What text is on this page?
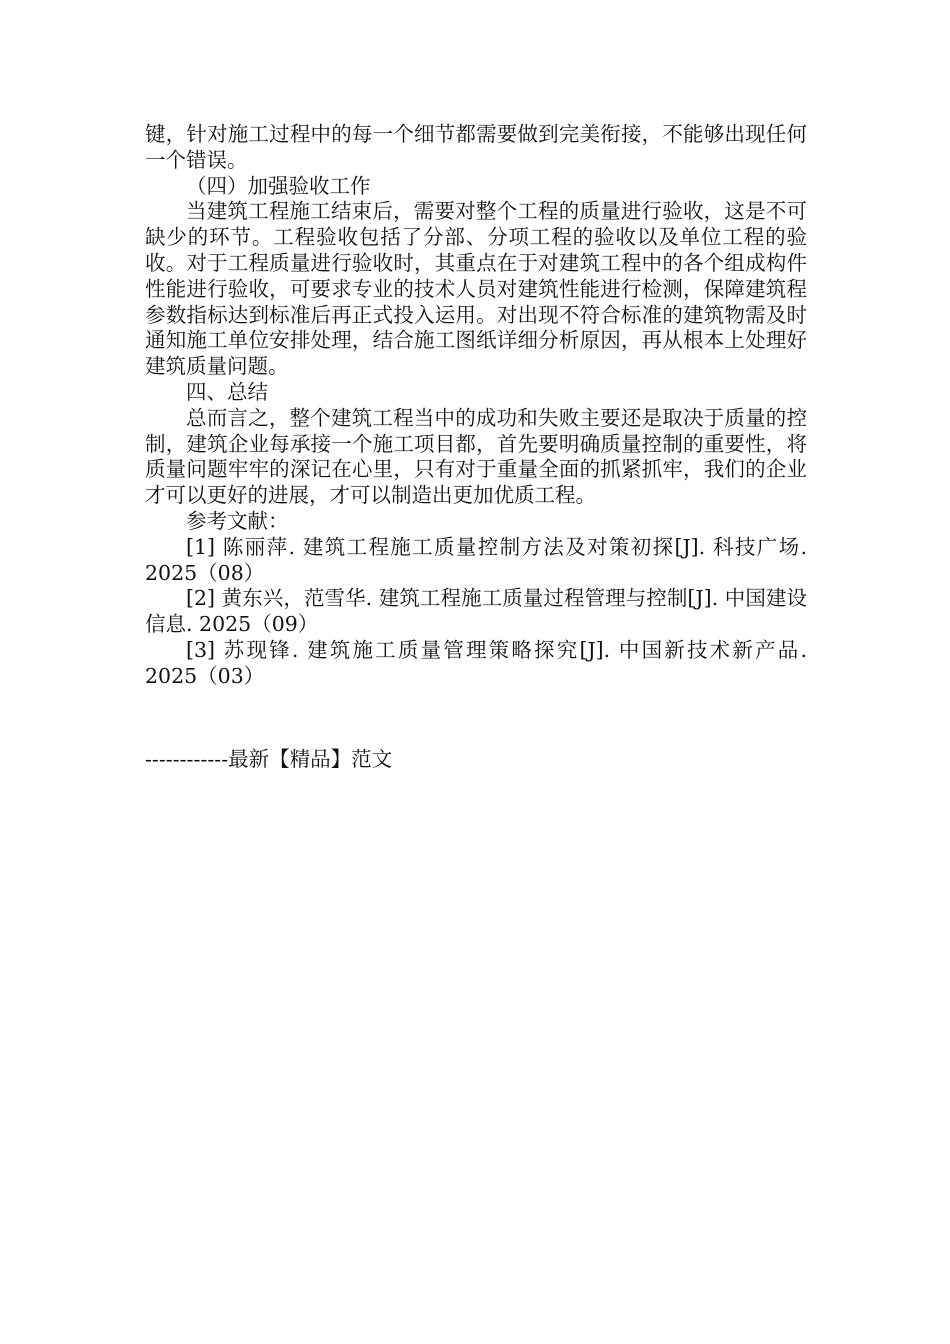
键，针对施工过程中的每一个细节都需要做到完美衔接，不能够出现任何一个错误。

（四）加强验收工作

当建筑工程施工结束后，需要对整个工程的质量进行验收，这是不可缺少的环节。工程验收包括了分部、分项工程的验收以及单位工程的验收。对于工程质量进行验收时，其重点在于对建筑工程中的各个组成构件性能进行验收，可要求专业的技术人员对建筑性能进行检测，保障建筑程参数指标达到标准后再正式投入运用。对出现不符合标准的建筑物需及时通知施工单位安排处理，结合施工图纸详细分析原因，再从根本上处理好建筑质量问题。

四、总结

总而言之，整个建筑工程当中的成功和失败主要还是取决于质量的控制，建筑企业每承接一个施工项目都，首先要明确质量控制的重要性，将质量问题牢牢的深记在心里，只有对于重量全面的抓紧抓牢，我们的企业才可以更好的进展，才可以制造出更加优质工程。

参考文献：

[1] 陈丽萍. 建筑工程施工质量控制方法及对策初探[J]. 科技广场. 2025（08）

[2] 黄东兴，范雪华. 建筑工程施工质量过程管理与控制[J]. 中国建设信息. 2025（09）

[3] 苏现锋. 建筑施工质量管理策略探究[J]. 中国新技术新产品. 2025（03）

------------最新【精品】范文
